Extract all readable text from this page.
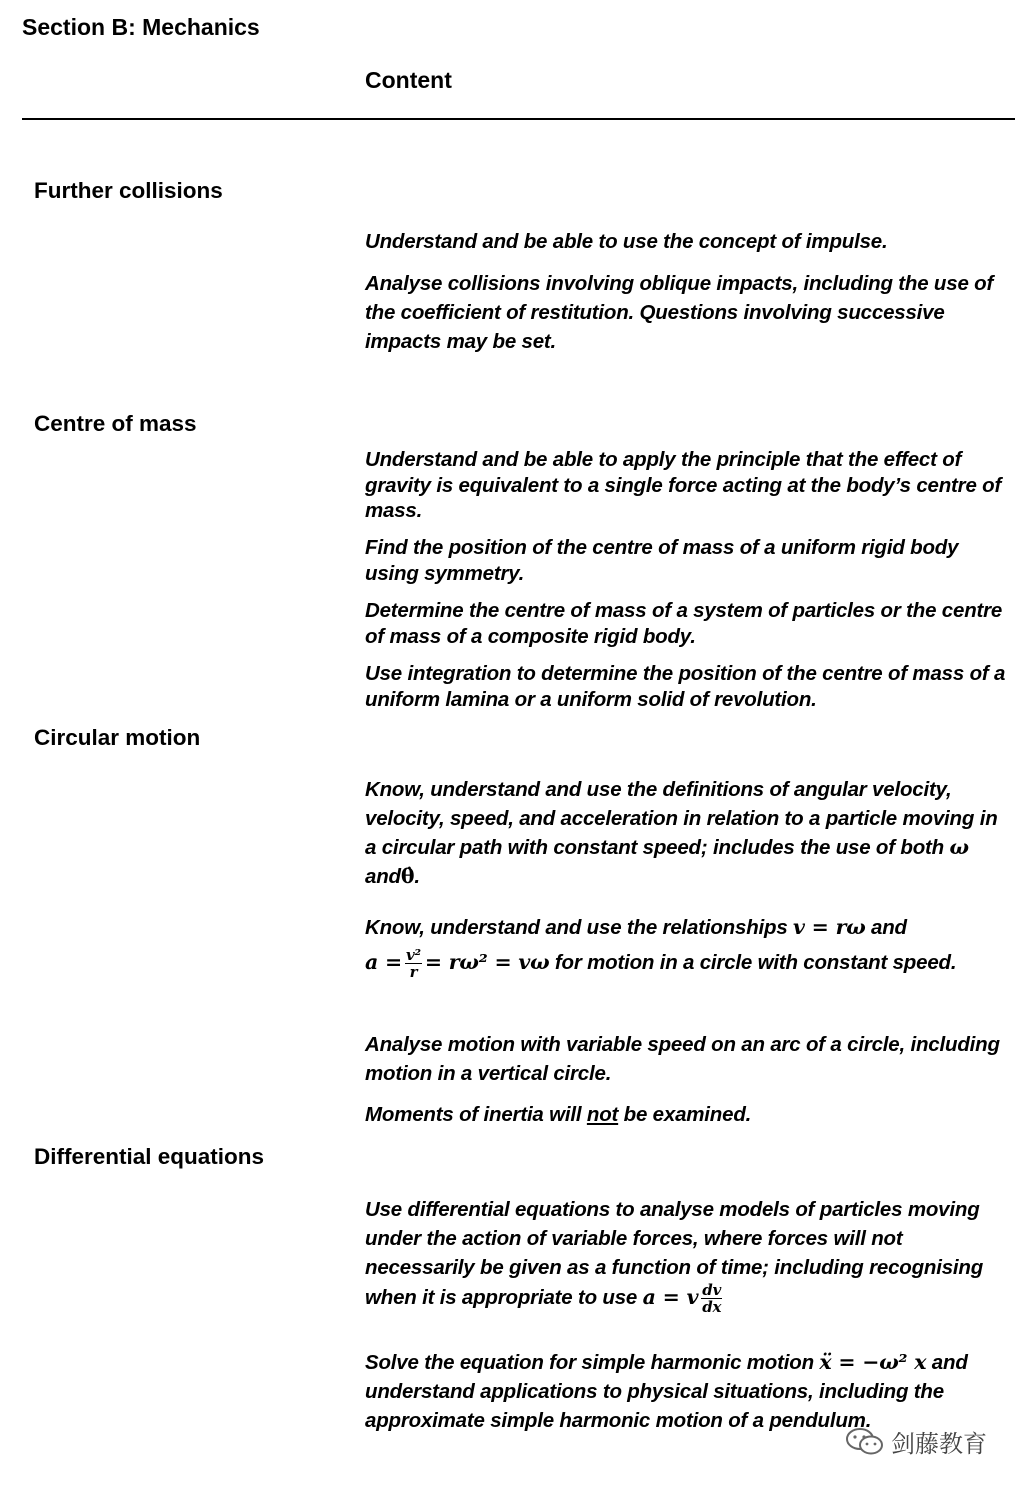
Section B: Mechanics
Content
Further collisions
Understand and be able to use the concept of impulse.
Analyse collisions involving oblique impacts, including the use of the coefficient of restitution. Questions involving successive impacts may be set.
Centre of mass
Understand and be able to apply the principle that the effect of gravity is equivalent to a single force acting at the body’s centre of mass.
Find the position of the centre of mass of a uniform rigid body using symmetry.
Determine the centre of mass of a system of particles or the centre of mass of a composite rigid body.
Use integration to determine the position of the centre of mass of a uniform lamina or a uniform solid of revolution.
Circular motion
Know, understand and use the definitions of angular velocity, velocity, speed, and acceleration in relation to a particle moving in a circular path with constant speed; includes the use of both ω andθ̇.
Know, understand and use the relationships v = rω and
$a = \frac{\text{v²}}{r} = r\omega^2 = v\omega$ for motion in a circle with constant speed.
Analyse motion with variable speed on an arc of a circle, including motion in a vertical circle.
Moments of inertia will not be examined.
Differential equations
Use differential equations to analyse models of particles moving under the action of variable forces, where forces will not necessarily be given as a function of time; including recognising when it is appropriate to use a = v $\frac{dv}{dx}$
Solve the equation for simple harmonic motion ẍ = −ω² x and understand applications to physical situations, including the approximate simple harmonic motion of a pendulum.
剑藤教育
